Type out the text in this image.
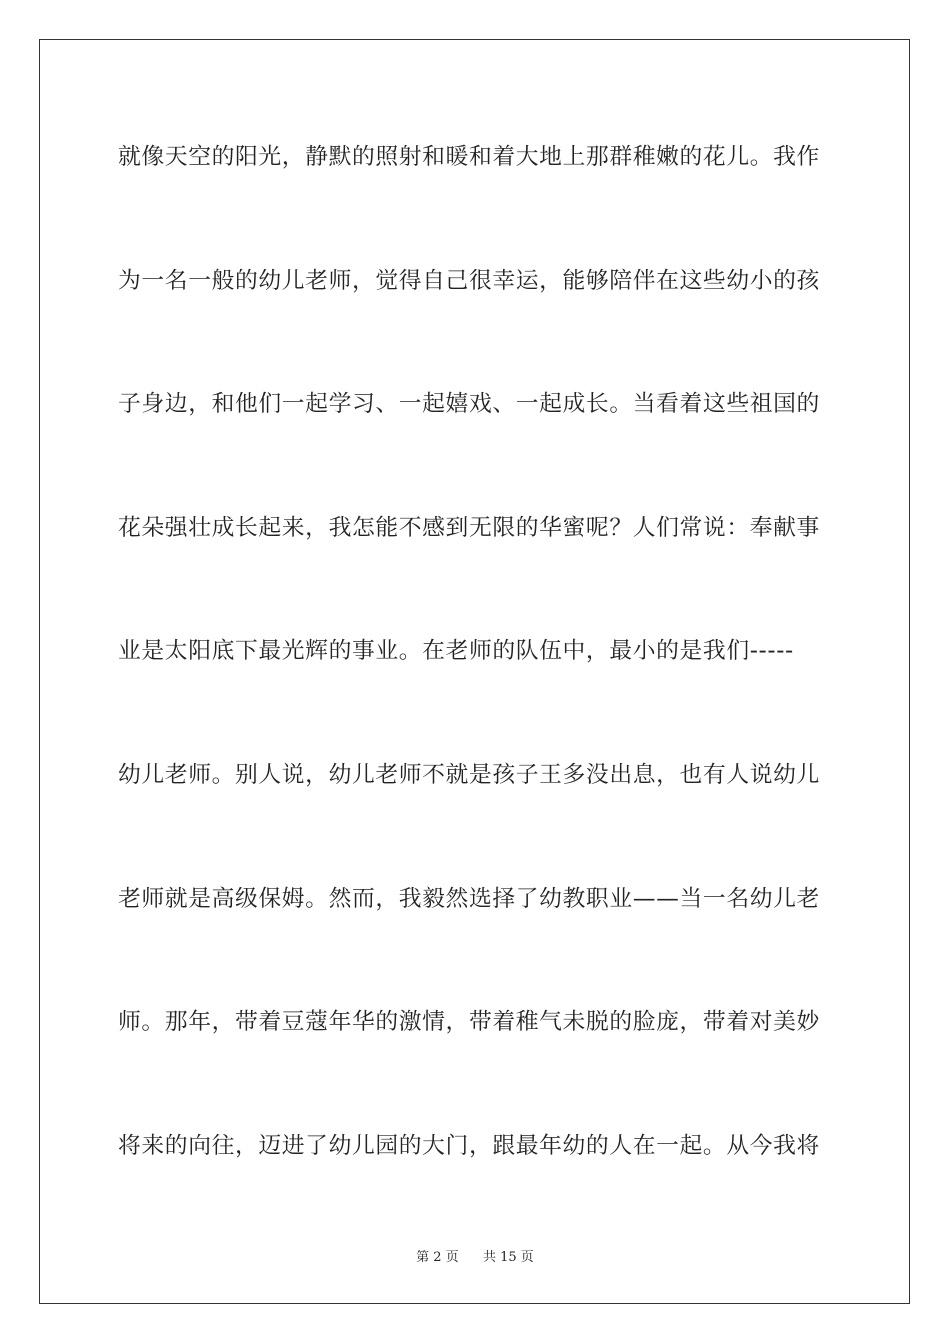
就像天空的阳光，静默的照射和暖和着大地上那群稚嫩的花儿。我作
为一名一般的幼儿老师，觉得自己很幸运，能够陪伴在这些幼小的孩
子身边，和他们一起学习、一起嬉戏、一起成长。当看着这些祖国的
花朵强壮成长起来，我怎能不感到无限的华蜜呢？人们常说：奉献事
业是太阳底下最光辉的事业。在老师的队伍中，最小的是我们-----
幼儿老师。别人说，幼儿老师不就是孩子王多没出息，也有人说幼儿
老师就是高级保姆。然而，我毅然选择了幼教职业——当一名幼儿老
师。那年，带着豆蔻年华的激情，带着稚气未脱的脸庞，带着对美妙
将来的向往，迈进了幼儿园的大门，跟最年幼的人在一起。从今我将
第 2 页 共 15 页
